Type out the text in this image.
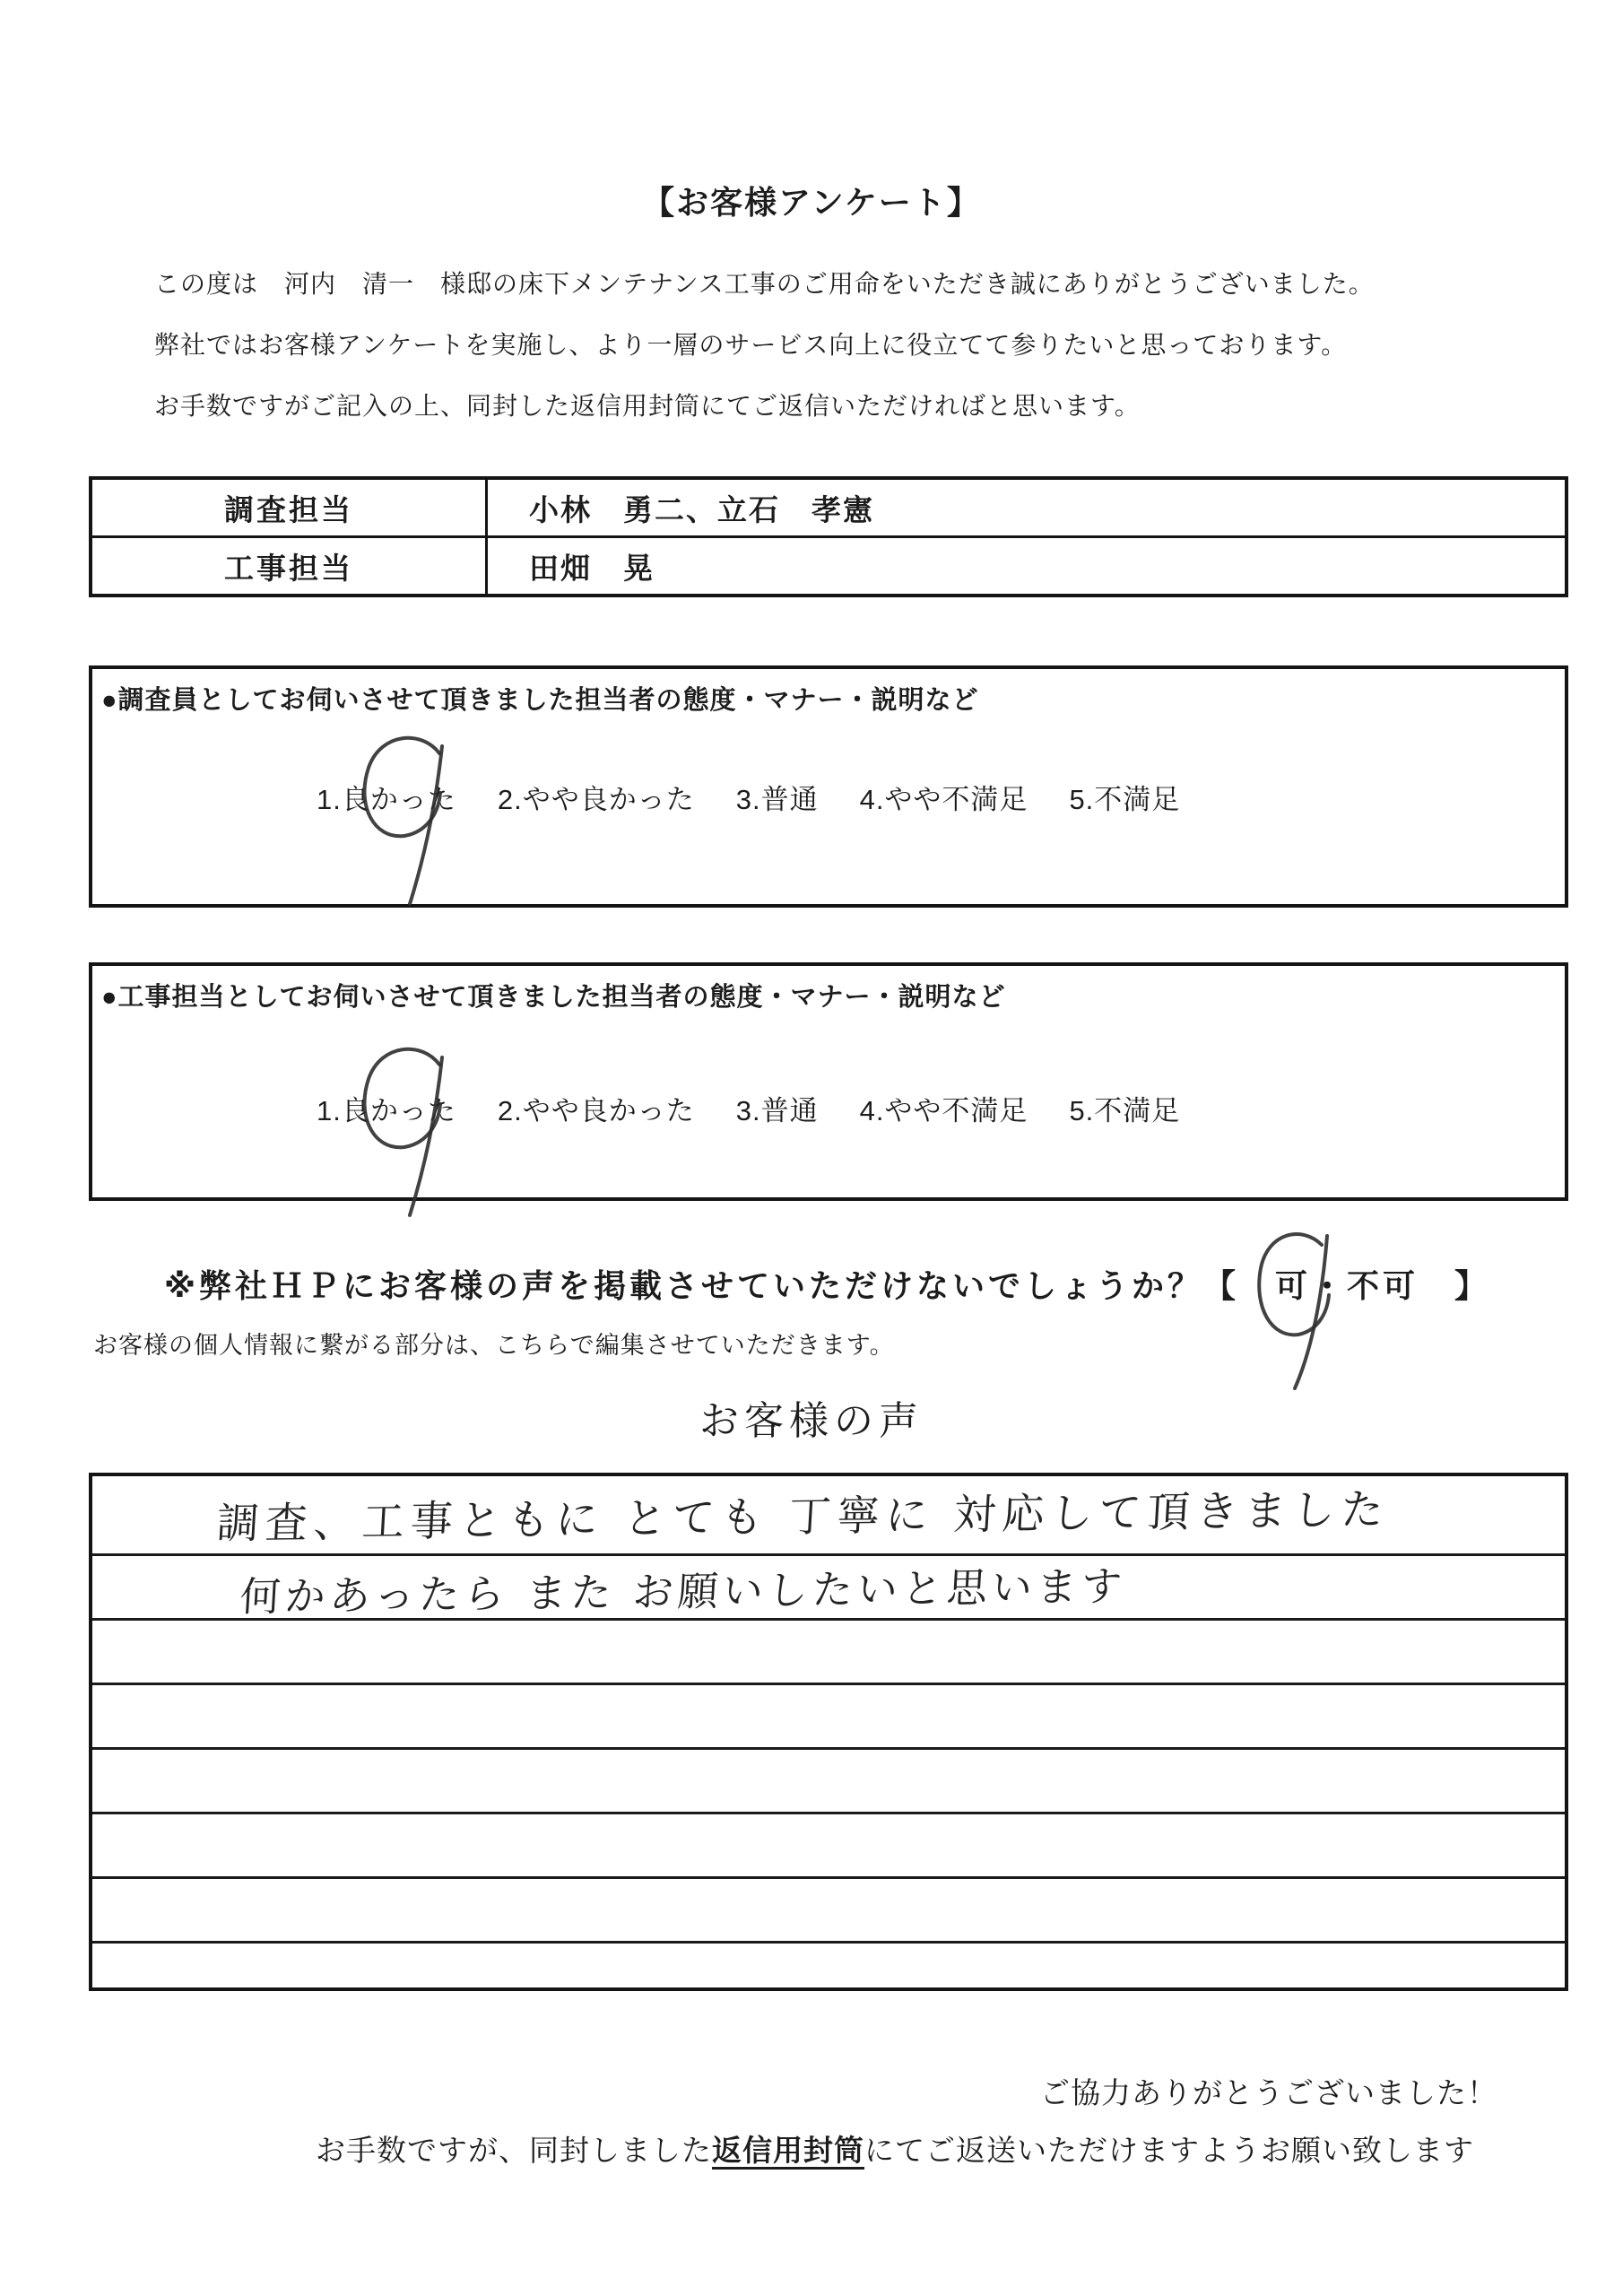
【お客様アンケート】
この度は　河内　清一　様邸の床下メンテナンス工事のご用命をいただき誠にありがとうございました。
弊社ではお客様アンケートを実施し、より一層のサービス向上に役立てて参りたいと思っております。
お手数ですがご記入の上、同封した返信用封筒にてご返信いただければと思います。
調査担当	小林　勇二、立石　孝憲
工事担当	田畑　晃
●調査員としてお伺いさせて頂きました担当者の態度・マナー・説明など
1.良かった 2.やや良かった 3.普通 4.やや不満足 5.不満足
●工事担当としてお伺いさせて頂きました担当者の態度・マナー・説明など
1.良かった 2.やや良かった 3.普通 4.やや不満足 5.不満足
※弊社ＨＰにお客様の声を掲載させていただけないでしょうか？【　
可・不可　】
お客様の個人情報に繋がる部分は、こちらで編集させていただきます。
お客様の声
調査、工事ともに とても 丁寧に 対応して頂きました
何かあったら また お願いしたいと思います
ご協力ありがとうございました！
お手数ですが、同封しました返信用封筒にてご返送いただけますようお願い致します
